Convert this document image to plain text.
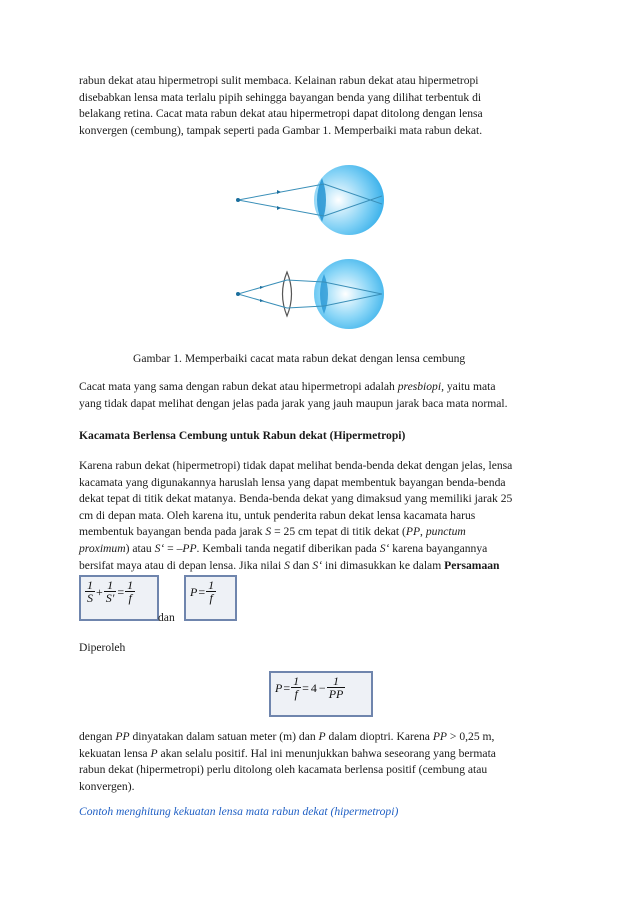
rabun dekat atau hipermetropi sulit membaca. Kelainan rabun dekat atau hipermetropi
disebabkan lensa mata terlalu pipih sehingga bayangan benda yang dilihat terbentuk di
belakang retina. Cacat mata rabun dekat atau hipermetropi dapat ditolong dengan lensa
konvergen (cembung), tampak seperti pada Gambar 1. Memperbaiki mata rabun dekat.

Gambar 1. Memperbaiki cacat mata rabun dekat dengan lensa cembung

Cacat mata yang sama dengan rabun dekat atau hipermetropi adalah presbiopi, yaitu mata
yang tidak dapat melihat dengan jelas pada jarak yang jauh maupun jarak baca mata normal.

Kacamata Berlensa Cembung untuk Rabun dekat (Hipermetropi)

Karena rabun dekat (hipermetropi) tidak dapat melihat benda-benda dekat dengan jelas, lensa
kacamata yang digunakannya haruslah lensa yang dapat membentuk bayangan benda-benda
dekat tepat di titik dekat matanya. Benda-benda dekat yang dimaksud yang memiliki jarak 25
cm di depan mata. Oleh karena itu, untuk penderita rabun dekat lensa kacamata harus
membentuk bayangan benda pada jarak S = 25 cm tepat di titik dekat (PP, punctum
proximum) atau S‘ = –PP. Kembali tanda negatif diberikan pada S‘ karena bayangannya
bersifat maya atau di depan lensa. Jika nilai S dan S‘ ini dimasukkan ke dalam Persamaan

$\frac{1}{S} + \frac{1}{S'} = \frac{1}{f}$

dan

$P= \frac{1}{f}$

Diperoleh

$P= \frac{1}{f} = 4 - \frac{1}{PP}$

dengan PP dinyatakan dalam satuan meter (m) dan P dalam dioptri. Karena PP > 0,25 m,
kekuatan lensa P akan selalu positif. Hal ini menunjukkan bahwa seseorang yang bermata
rabun dekat (hipermetropi) perlu ditolong oleh kacamata berlensa positif (cembung atau
konvergen).

Contoh menghitung kekuatan lensa mata rabun dekat (hipermetropi)
